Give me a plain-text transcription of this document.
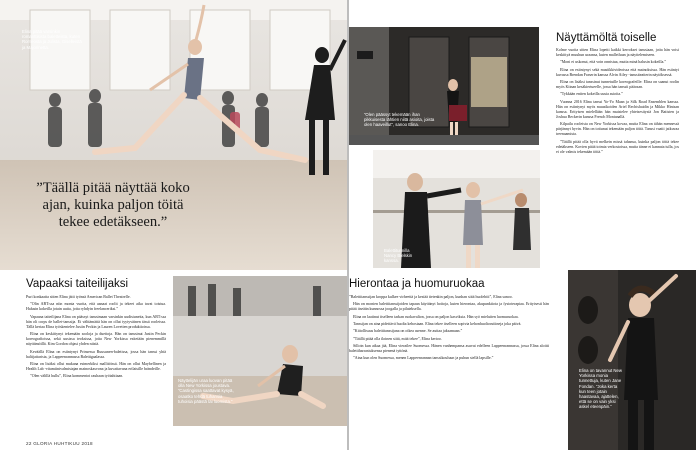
Elina pitää varsinkin romanttisista baletteista, kuten Romeosta ja Julista, Giselleistä ja Majorinetta.
”Täällä pitää näyttää koko ajan, kuinka paljon töitä tekee edetäkseen.”
Vapaaksi taiteilijaksi

Puri konkaatta sitten Elina jätti työnsä American Ballet Theatrelle.

”Olin ABT:ssa niin monta vuotta, että aanaat roolit ja tekeet aika tavat toistua. Halusin kokeilla jotain uutta, jotta ryhdyin freelanceriksi.”

Vapaana taiteilijana Elina on päässyt tanssimaan varsinkin uudistuneita, kun ABT:ssa hän oli corps de ballet-tanssija. Ei välttämättä hän on ollut tyytyväinen tässä rooleissa. Tällä kertaa Elina työskentelee Justin Peckin ja Lauren Lovetten produktioissa.

Elina on keskittynyt tekemään sooloja ja duettoja. Hän on tanssinut Justin Peckin koreografioissa, sekä uusissa teoksissa, joita New Yorkissa esitetään pienemmillä näyttämöillä. Kim Gordon ohjasi yhden niistä.

Keväällä Elina on esiintynyt Prinsessa Ruusunen-baletissa, jossa hän tanssi yhtä haltijattarista, ja Lappeenrannassa Balettigaalassa.

Elina on lisäksi ollut mukana esimerkiksi mallitöissä. Hän on ollut Maybellinen ja Health Lab -vitamiinivalmistajan mainoskasvona ja kuvattavana erilaisille brändeille.

”Olen välillä hullu”, Elina kommentoi rauhaan työtahtiaan.

Näyttelijän uraa luovan pitää olla New Yorkissa joustava. ”Castingissa saattavat kysyä, osaatko tehdä tuhansia tuhoisia päästä tai luomista.”
22 GLORIA HUHTIKUU 2018
”Olen päässyt tekemään ihan pikkuisesta lähtien niitä asioita, joista olen haaveillut”, sanoo Elina.
Näyttämöltä toiselle

Kolme vuotta sitten Elina lopetti kaikki kerrokset tanssiaan, jotta hän voisi keskittyä muuhun uraansa, kuten malleiluun ja näyttelemiseen.

”Moni ei uskonut, että voin onnistua, mutta minä halusin kokeilla.”

Elina on esiintynyt sekä musiikkivideoissa että mainoksissa. Hän esiintyi kuvassa Brendan Fraserin kanssa Alvin Ailey -tanssiteatterin näytöksessä.

Elina on lisäksi tanssinut tunnetuille koreografeille: Elina on saanut roolin myös Kiinan kesäkiertueelle, jossa hän tanssii pääosan.

”Tykkään eniten kokeilla uusia asioita.”

Vuonna 2016 Elina tanssi Yo-Yo Maan ja Silk Road Ensemblen kanssa. Hän on esiintynyt myös muusikoiden Ariel Rechtshaidin ja Mikko Hintsan kanssa. Erityisen mielellään hän muistelee yhteisesitystä Jon Batisten ja Joshua Beckerin kanssa French Montanallä.

Kilpailu rooleista on New Yorkissa kovaa, mutta Elina on tähän mennessä pärjännyt hyvin. Hän on tottunut tekemään paljon töitä. Tanssi vaatii jatkuvaa treenaamista.

”Täällä pitää olla hyvä melkein missä tahansa, kuinka paljon töitä tekee edetäkseen. Kovien pitää toimia verkostoissa, mutta tänne ei kannata tulla, jos ei ole valmis tekemään töitä.”

Balettitunnilla Nancy Bielskin kanssa.
Hierontaa ja huomuruokaa

”Balettitanssijan kroppa kulkee virheettä ja kestää tietenkin paljon, kunhan siitä huolehtii”, Elina sanoo.

Hän on monien balettitanssijoiden tapaan käyttänyt hoitoja, kuten hierontaa, akupunktiota ja fysioterapiaa. Erityisesti hän pitää itseään kunnossa joogalla ja pilateksella.

Elina on laatinut itselleen tarkan ruokavalion, jossa on paljon kasviksia. Hän syö mieluiten luomuruokaa.

Tanssijan on aina pidettävä huolta kehostaan. Elina tekee itselleen sopivia kehonhuoltorutiineja joka päivä.

”Kiitollisuus balettitanssijana on oikea asenne. Se auttaa jaksamaan.”

”Täällä pitää olla iloinen siitä, mitä tekee”, Elina kertoo.

Silloin kun aikaa jää, Elina vierailee Suomessa. Hänen vanhempansa asuvat edelleen Lappeenrannassa, jossa Elina aloitti balettiharrastuksensa pienenä tyttönä.

”Aina kun olen Suomessa, menen Lappeenrannan tanssikouluun ja puhun siellä lapsille.”

Elina on tavannut New Yorkissa monia tunnettuja, kuten Jane Fondan. ”Joka kerta kun teen jotain haastavaa, ajattelen, että se on vain yksi askel eteenpäin.”
